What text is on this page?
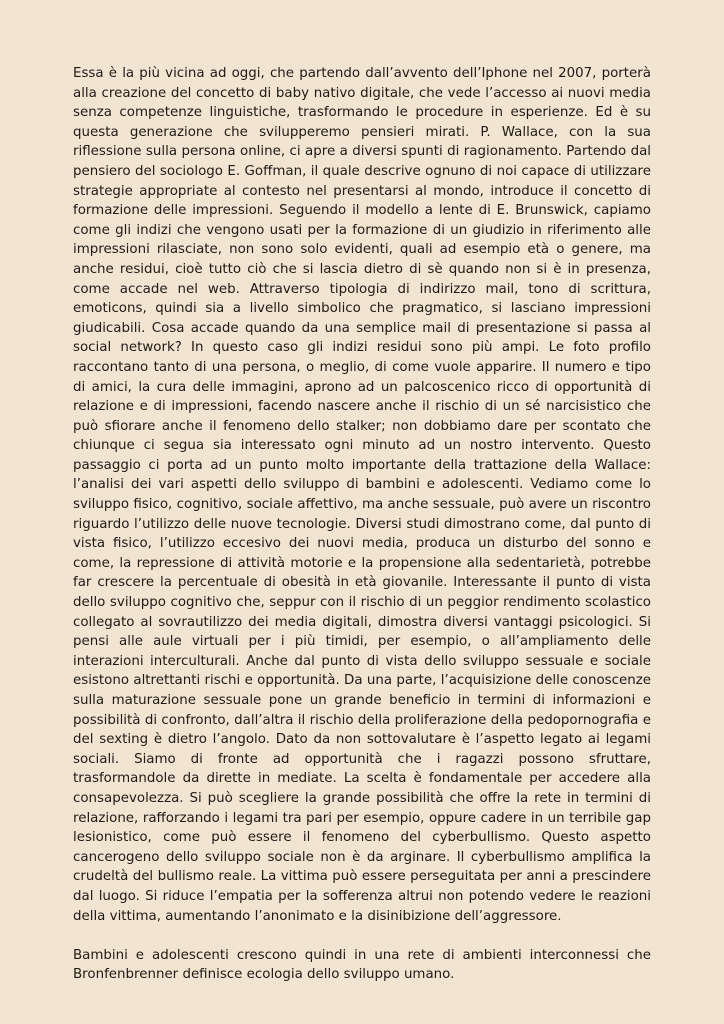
Essa è la più vicina ad oggi, che partendo dall’avvento dell’Iphone nel 2007, porterà alla creazione del concetto di baby nativo digitale, che vede l’accesso ai nuovi media senza competenze linguistiche, trasformando le procedure in esperienze. Ed è su questa generazione che svilupperemo pensieri mirati. P. Wallace, con la sua riflessione sulla persona online, ci apre a diversi spunti di ragionamento. Partendo dal pensiero del sociologo E. Goffman, il quale descrive ognuno di noi capace di utilizzare strategie appropriate al contesto nel presentarsi al mondo, introduce il concetto di formazione delle impressioni. Seguendo il modello a lente di E. Brunswick, capiamo come gli indizi che vengono usati per la formazione di un giudizio in riferimento alle impressioni rilasciate, non sono solo evidenti, quali ad esempio età o genere, ma anche residui, cioè tutto ciò che si lascia dietro di sè quando non si è in presenza, come accade nel web. Attraverso tipologia di indirizzo mail, tono di scrittura, emoticons, quindi sia a livello simbolico che pragmatico, si lasciano impressioni giudicabili. Cosa accade quando da una semplice mail di presentazione si passa al social network? In questo caso gli indizi residui sono più ampi. Le foto profilo raccontano tanto di una persona, o meglio, di come vuole apparire. Il numero e tipo di amici, la cura delle immagini, aprono ad un palcoscenico ricco di opportunità di relazione e di impressioni, facendo nascere anche il rischio di un sé narcisistico che può sfiorare anche il fenomeno dello stalker; non dobbiamo dare per scontato che chiunque ci segua sia interessato ogni minuto ad un nostro intervento. Questo passaggio ci porta ad un punto molto importante della trattazione della Wallace: l’analisi dei vari aspetti dello sviluppo di bambini e adolescenti. Vediamo come lo sviluppo fisico, cognitivo, sociale affettivo, ma anche sessuale, può avere un riscontro riguardo l’utilizzo delle nuove tecnologie. Diversi studi dimostrano come, dal punto di vista fisico, l’utilizzo eccesivo dei nuovi media, produca un disturbo del sonno e come, la repressione di attività motorie e la propensione alla sedentarietà, potrebbe far crescere la percentuale di obesità in età giovanile. Interessante il punto di vista dello sviluppo cognitivo che, seppur con il rischio di un peggior rendimento scolastico collegato al sovrautilizzo dei media digitali, dimostra diversi vantaggi psicologici. Si pensi alle aule virtuali per i più timidi, per esempio, o all’ampliamento delle interazioni interculturali. Anche dal punto di vista dello sviluppo sessuale e sociale esistono altrettanti rischi e opportunità. Da una parte, l’acquisizione delle conoscenze sulla maturazione sessuale pone un grande beneficio in termini di informazioni e possibilità di confronto, dall’altra il rischio della proliferazione della pedopornografia e del sexting è dietro l’angolo. Dato da non sottovalutare è l’aspetto legato ai legami sociali. Siamo di fronte ad opportunità che i ragazzi possono sfruttare, trasformandole da dirette in mediate. La scelta è fondamentale per accedere alla consapevolezza. Si può scegliere la grande possibilità che offre la rete in termini di relazione, rafforzando i legami tra pari per esempio, oppure cadere in un terribile gap lesionistico, come può essere il fenomeno del cyberbullismo. Questo aspetto cancerogeno dello sviluppo sociale non è da arginare. Il cyberbullismo amplifica la crudeltà del bullismo reale. La vittima può essere perseguitata per anni a prescindere dal luogo. Si riduce l’empatia per la sofferenza altrui non potendo vedere le reazioni della vittima, aumentando l’anonimato e la disinibizione dell’aggressore.

Bambini e adolescenti crescono quindi in una rete di ambienti interconnessi che Bronfenbrenner definisce ecologia dello sviluppo umano.
